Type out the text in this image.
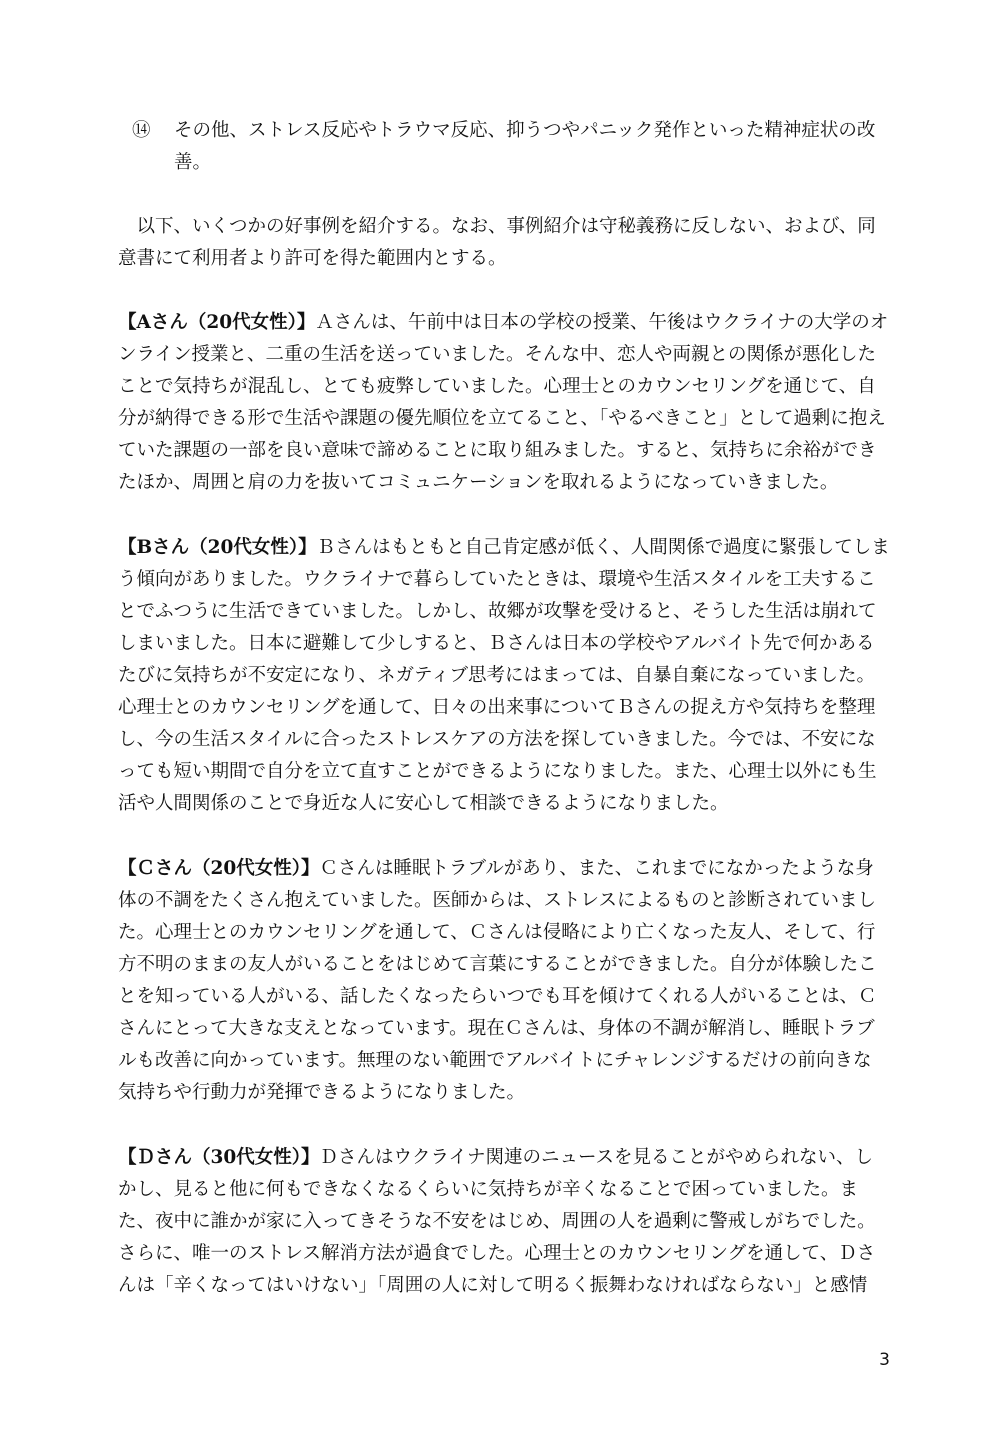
⑭	その他、ストレス反応やトラウマ反応、抑うつやパニック発作といった精神症状の改善。

以下、いくつかの好事例を紹介する。なお、事例紹介は守秘義務に反しない、および、同意書にて利用者より許可を得た範囲内とする。

【Aさん（20代女性）】Ａさんは、午前中は日本の学校の授業、午後はウクライナの大学のオンライン授業と、二重の生活を送っていました。そんな中、恋人や両親との関係が悪化したことで気持ちが混乱し、とても疲弊していました。心理士とのカウンセリングを通じて、自分が納得できる形で生活や課題の優先順位を立てること、「やるべきこと」として過剰に抱えていた課題の一部を良い意味で諦めることに取り組みました。すると、気持ちに余裕ができたほか、周囲と肩の力を抜いてコミュニケーションを取れるようになっていきました。

【Bさん（20代女性）】Ｂさんはもともと自己肯定感が低く、人間関係で過度に緊張してしまう傾向がありました。ウクライナで暮らしていたときは、環境や生活スタイルを工夫することでふつうに生活できていました。しかし、故郷が攻撃を受けると、そうした生活は崩れてしまいました。日本に避難して少しすると、Ｂさんは日本の学校やアルバイト先で何かあるたびに気持ちが不安定になり、ネガティブ思考にはまっては、自暴自棄になっていました。心理士とのカウンセリングを通して、日々の出来事についてＢさんの捉え方や気持ちを整理し、今の生活スタイルに合ったストレスケアの方法を探していきました。今では、不安になっても短い期間で自分を立て直すことができるようになりました。また、心理士以外にも生活や人間関係のことで身近な人に安心して相談できるようになりました。

【Ｃさん（20代女性）】Ｃさんは睡眠トラブルがあり、また、これまでになかったような身体の不調をたくさん抱えていました。医師からは、ストレスによるものと診断されていました。心理士とのカウンセリングを通して、Ｃさんは侵略により亡くなった友人、そして、行方不明のままの友人がいることをはじめて言葉にすることができました。自分が体験したことを知っている人がいる、話したくなったらいつでも耳を傾けてくれる人がいることは、Ｃさんにとって大きな支えとなっています。現在Ｃさんは、身体の不調が解消し、睡眠トラブルも改善に向かっています。無理のない範囲でアルバイトにチャレンジするだけの前向きな気持ちや行動力が発揮できるようになりました。

【Ｄさん（30代女性）】Ｄさんはウクライナ関連のニュースを見ることがやめられない、しかし、見ると他に何もできなくなるくらいに気持ちが辛くなることで困っていました。また、夜中に誰かが家に入ってきそうな不安をはじめ、周囲の人を過剰に警戒しがちでした。さらに、唯一のストレス解消方法が過食でした。心理士とのカウンセリングを通して、Ｄさんは「辛くなってはいけない」「周囲の人に対して明るく振舞わなければならない」と感情

3
